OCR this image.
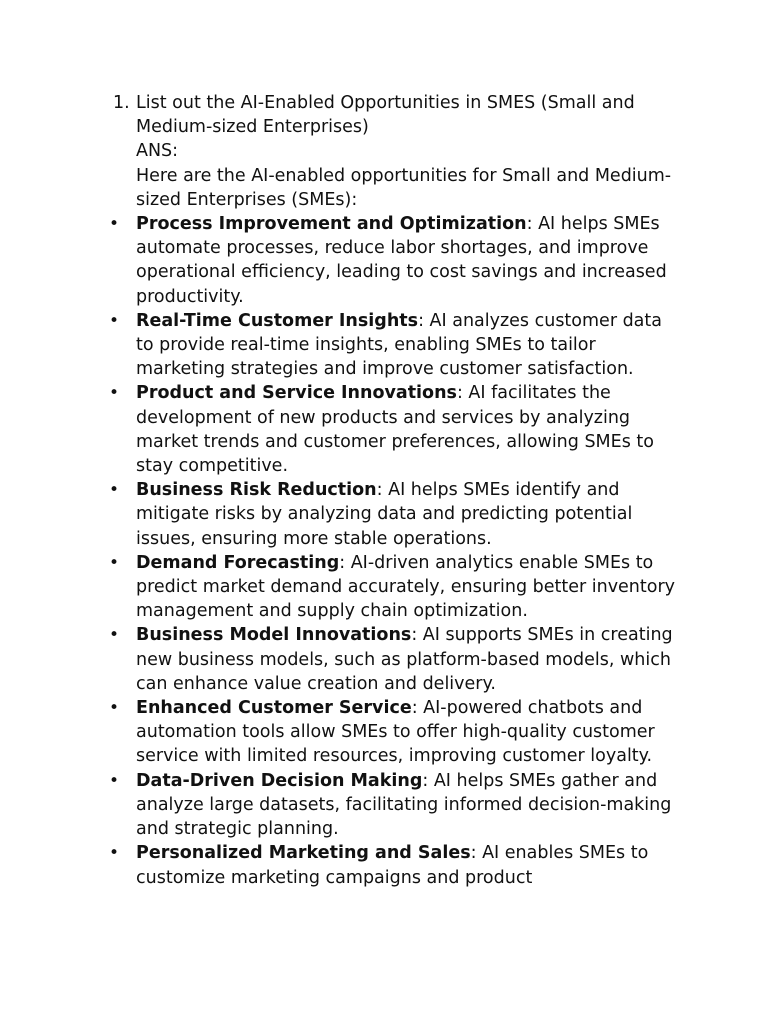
1. List out the AI-Enabled Opportunities in SMES (Small and Medium-sized Enterprises)

ANS:

Here are the AI-enabled opportunities for Small and Medium-sized Enterprises (SMEs):

• Process Improvement and Optimization: AI helps SMEs automate processes, reduce labor shortages, and improve operational efficiency, leading to cost savings and increased productivity.
• Real-Time Customer Insights: AI analyzes customer data to provide real-time insights, enabling SMEs to tailor marketing strategies and improve customer satisfaction.
• Product and Service Innovations: AI facilitates the development of new products and services by analyzing market trends and customer preferences, allowing SMEs to stay competitive.
• Business Risk Reduction: AI helps SMEs identify and mitigate risks by analyzing data and predicting potential issues, ensuring more stable operations.
• Demand Forecasting: AI-driven analytics enable SMEs to predict market demand accurately, ensuring better inventory management and supply chain optimization.
• Business Model Innovations: AI supports SMEs in creating new business models, such as platform-based models, which can enhance value creation and delivery.
• Enhanced Customer Service: AI-powered chatbots and automation tools allow SMEs to offer high-quality customer service with limited resources, improving customer loyalty.
• Data-Driven Decision Making: AI helps SMEs gather and analyze large datasets, facilitating informed decision-making and strategic planning.
• Personalized Marketing and Sales: AI enables SMEs to customize marketing campaigns and product
